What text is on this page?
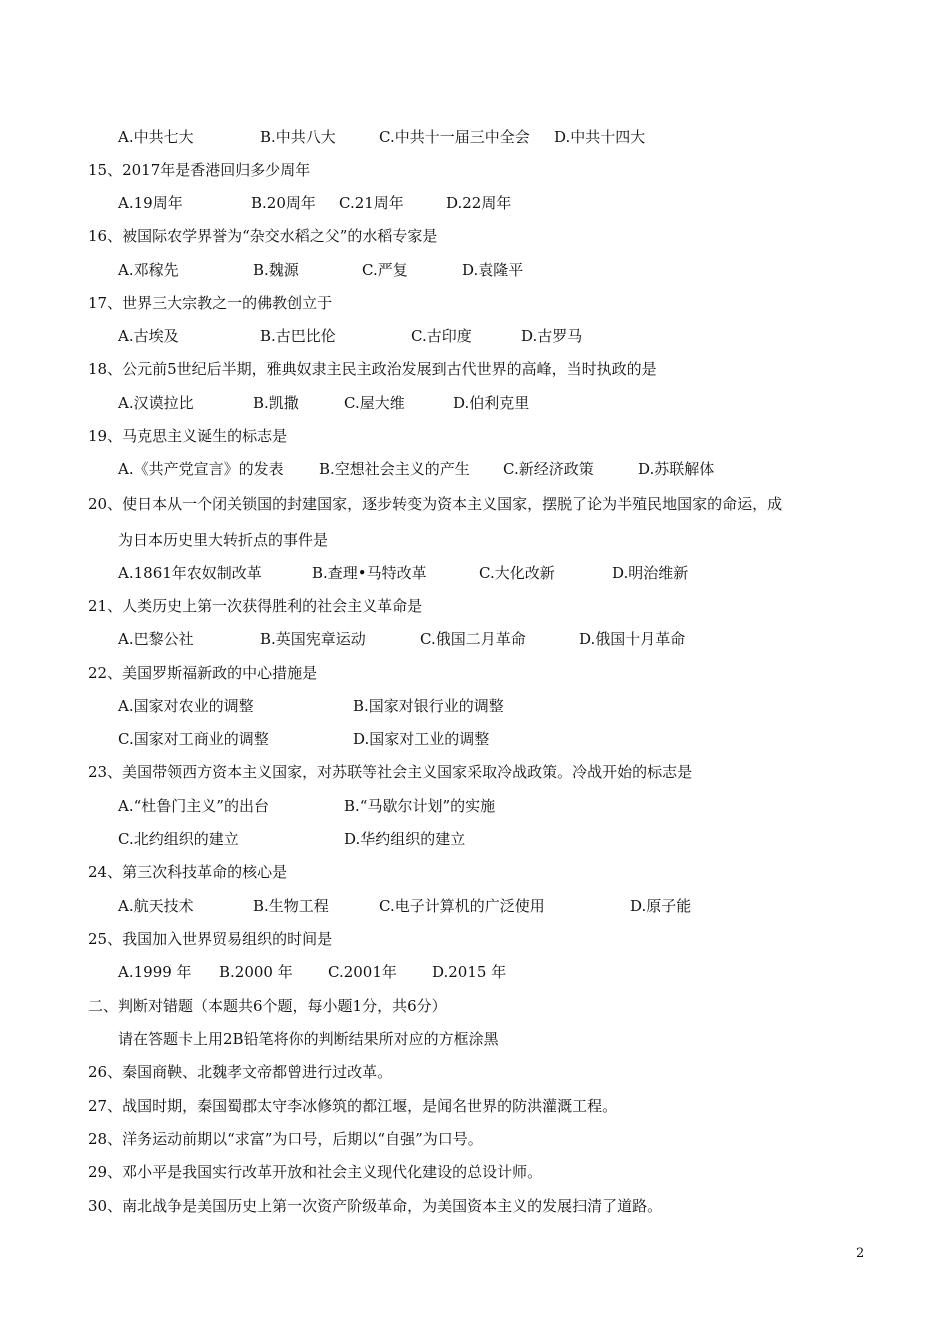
A.中共七大	B.中共八大	C.中共十一届三中全会 D.中共十四大
15、2017年是香港回归多少周年
A.19周年	B.20周年 C.21周年	D.22周年
16、被国际农学界誉为“杂交水稻之父”的水稻专家是
A.邓稼先	B.魏源	C.严复	D.袁隆平
17、世界三大宗教之一的佛教创立于
A.古埃及	B.古巴比伦	C.古印度	D.古罗马
18、公元前5世纪后半期，雅典奴隶主民主政治发展到古代世界的高峰，当时执政的是
A.汉谟拉比	B.凯撒	C.屋大维	D.伯利克里
19、马克思主义诞生的标志是
A.《共产党宣言》的发表 B.空想社会主义的产生 C.新经济政策	D.苏联解体
20、使日本从一个闭关锁国的封建国家，逐步转变为资本主义国家，摆脱了论为半殖民地国家的命运，成
为日本历史里大转折点的事件是
A.1861年农奴制改革	B.查理•马特改革	C.大化改新	D.明治维新
21、人类历史上第一次获得胜利的社会主义革命是
A.巴黎公社	B.英国宪章运动	C.俄国二月革命	D.俄国十月革命
22、美国罗斯福新政的中心措施是
A.国家对农业的调整	B.国家对银行业的调整
C.国家对工商业的调整	D.国家对工业的调整
23、美国带领西方资本主义国家，对苏联等社会主义国家采取冷战政策。冷战开始的标志是
A.“杜鲁门主义”的出台	B.“马歇尔计划”的实施
C.北约组织的建立	D.华约组织的建立
24、第三次科技革命的核心是
A.航天技术	B.生物工程	C.电子计算机的广泛使用	D.原子能
25、我国加入世界贸易组织的时间是
A.1999 年 B.2000 年 C.2001年 D.2015 年
二、判断对错题（本题共6个题，每小题1分，共6分）
请在答题卡上用2B铅笔将你的判断结果所对应的方框涂黑
26、秦国商鞅、北魏孝文帝都曾进行过改革。
27、战国时期，秦国蜀郡太守李冰修筑的都江堰，是闻名世界的防洪灌溉工程。
28、洋务运动前期以“求富”为口号，后期以“自强”为口号。
29、邓小平是我国实行改革开放和社会主义现代化建设的总设计师。
30、南北战争是美国历史上第一次资产阶级革命，为美国资本主义的发展扫清了道路。
2
